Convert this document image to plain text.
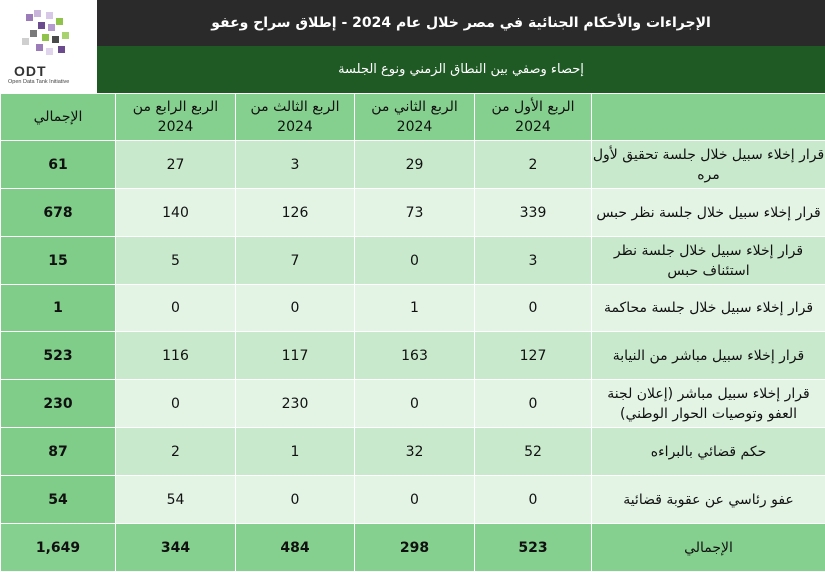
ODT
Open Data Tank Initiative
الإجراءات والأحكام الجنائية في مصر خلال عام 2024 - إطلاق سراح وعفو
إحصاء وصفي بين النطاق الزمني ونوع الجلسة
الإجمالي	الربع الرابع من 2024	الربع الثالث من 2024	الربع الثاني من 2024	الربع الأول من 2024	
61	27	3	29	2	قرار إخلاء سبيل خلال جلسة تحقيق لأول مره
678	140	126	73	339	قرار إخلاء سبيل خلال جلسة نظر حبس
15	5	7	0	3	قرار إخلاء سبيل خلال جلسة نظر استئناف حبس
1	0	0	1	0	قرار إخلاء سبيل خلال جلسة محاكمة
523	116	117	163	127	قرار إخلاء سبيل مباشر من النيابة
230	0	230	0	0	قرار إخلاء سبيل مباشر (إعلان لجنة العفو وتوصيات الحوار الوطني)
87	2	1	32	52	حكم قضائي بالبراءه
54	54	0	0	0	عفو رئاسي عن عقوبة قضائية
1,649	344	484	298	523	الإجمالي
